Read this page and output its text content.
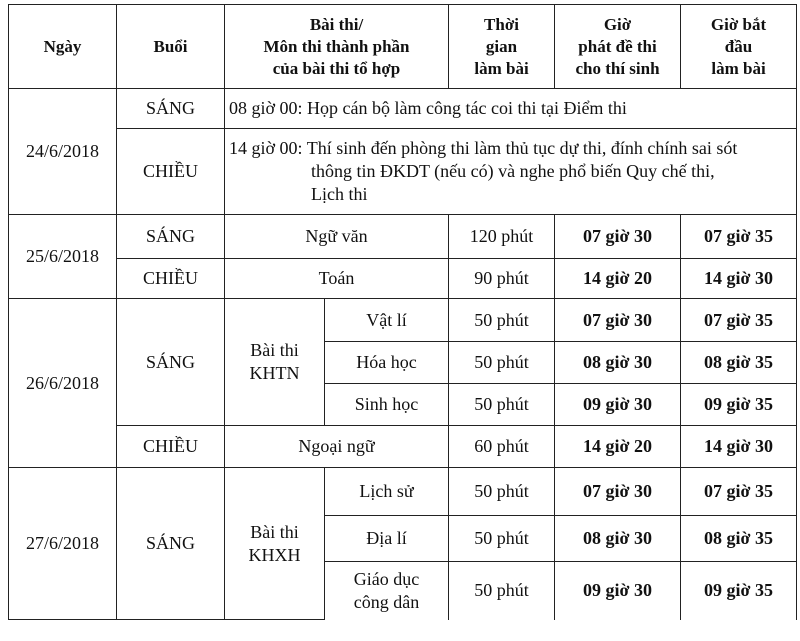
Ngày	Buổi	Bài thi/
Môn thi thành phần
của bài thi tổ hợp		Thời
gian
làm bài	Giờ
phát đề thi
cho thí sinh	Giờ bắt
đầu
làm bài
24/6/2018	SÁNG	08 giờ 00: Họp cán bộ làm công tác coi thi tại Điểm thi				
	CHIỀU	14 giờ 00: Thí sinh đến phòng thi làm thủ tục dự thi, đính chính sai sót

thông tin ĐKDT (nếu có) và nghe phổ biến Quy chế thi,
Lịch thi				

25/6/2018	SÁNG	Ngữ văn		120 phút	07 giờ 30	07 giờ 35
	CHIỀU	Toán		90 phút	14 giờ 20	14 giờ 30
26/6/2018	SÁNG	Bài thi
KHTN	Vật lí	50 phút	07 giờ 30	07 giờ 35
			Hóa học	50 phút	08 giờ 30	08 giờ 35
			Sinh học	50 phút	09 giờ 30	09 giờ 35
	CHIỀU	Ngoại ngữ		60 phút	14 giờ 20	14 giờ 30
27/6/2018	SÁNG	Bài thi
KHXH	Lịch sử	50 phút	07 giờ 30	07 giờ 35
			Địa lí	50 phút	08 giờ 30	08 giờ 35
			Giáo dục
công dân	50 phút	09 giờ 30	09 giờ 35
